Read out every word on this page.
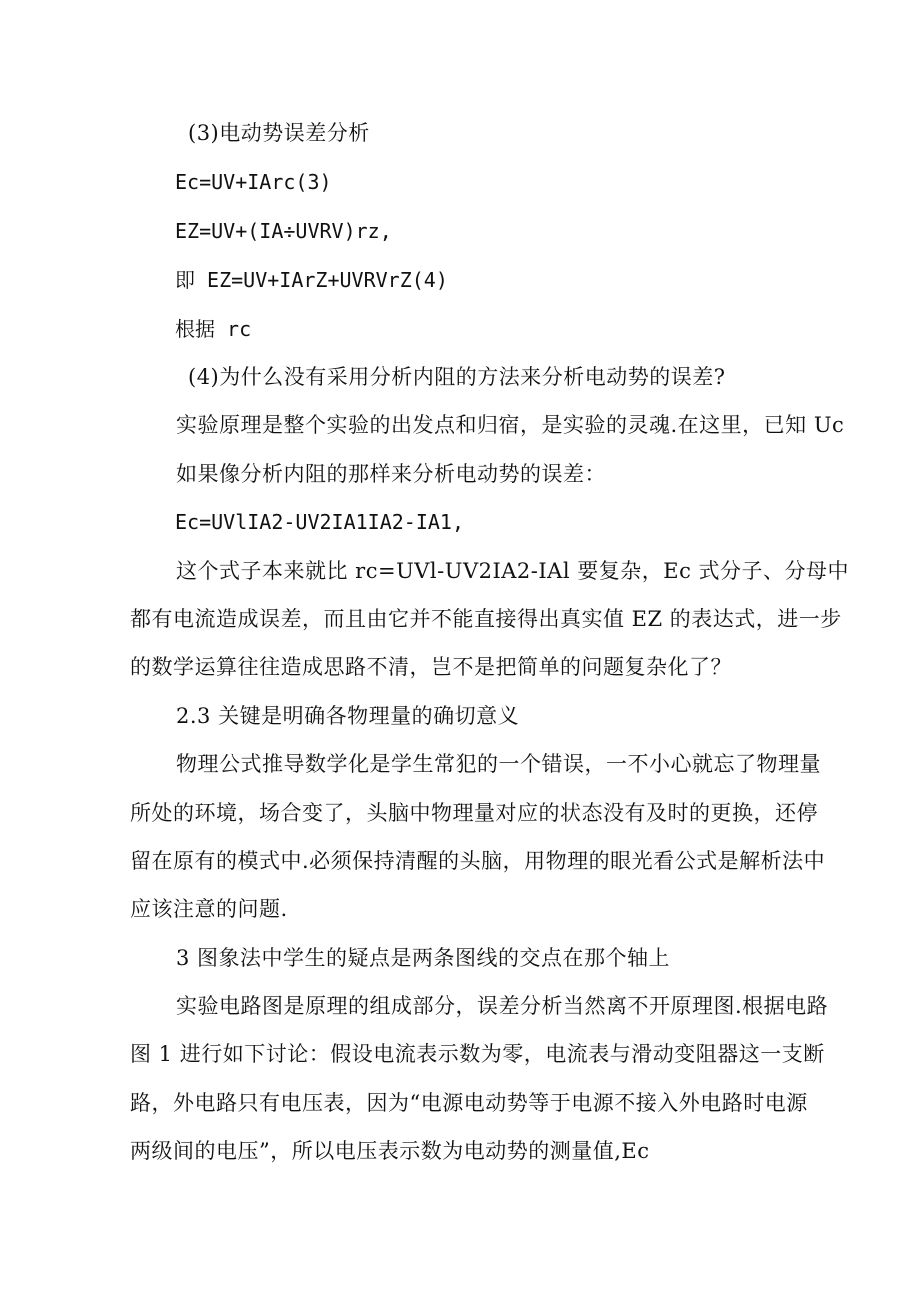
(3)电动势误差分析
Ec=UV+IArc(3)
EZ=UV+(IA÷UVRV)rz,
即 EZ=UV+IArZ+UVRVrZ(4)
根据 rc
(4)为什么没有采用分析内阻的方法来分析电动势的误差?
实验原理是整个实验的出发点和归宿，是实验的灵魂.在这里，已知 Uc
如果像分析内阻的那样来分析电动势的误差：
Ec=UVlIA2-UV2IA1IA2-IA1,
这个式子本来就比 rc=UVl-UV2IA2-IAl 要复杂，Ec 式分子、分母中
都有电流造成误差，而且由它并不能直接得出真实值 EZ 的表达式，进一步
的数学运算往往造成思路不清，岂不是把简单的问题复杂化了？
2.3 关键是明确各物理量的确切意义
物理公式推导数学化是学生常犯的一个错误，一不小心就忘了物理量
所处的环境，场合变了，头脑中物理量对应的状态没有及时的更换，还停
留在原有的模式中.必须保持清醒的头脑，用物理的眼光看公式是解析法中
应该注意的问题.
3 图象法中学生的疑点是两条图线的交点在那个轴上
实验电路图是原理的组成部分，误差分析当然离不开原理图.根据电路
图 1 进行如下讨论：假设电流表示数为零，电流表与滑动变阻器这一支断
路，外电路只有电压表，因为“电源电动势等于电源不接入外电路时电源
两级间的电压”，所以电压表示数为电动势的测量值,Ec
